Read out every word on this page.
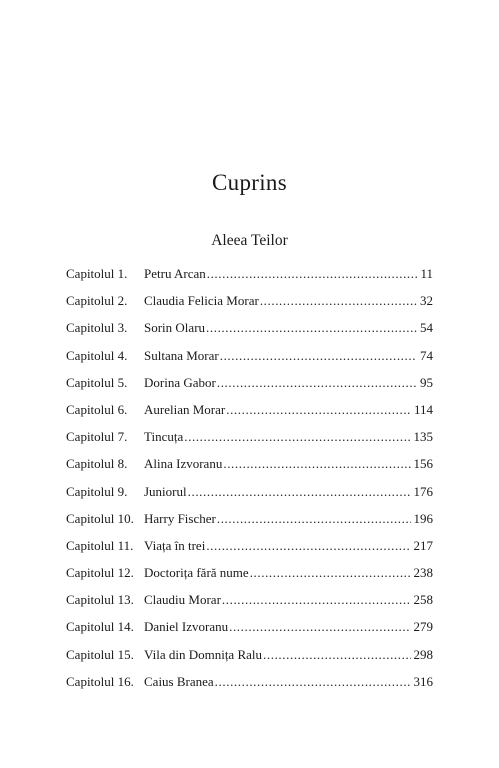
Cuprins
Aleea Teilor
Capitolul 1.	Petru Arcan .....	11
Capitolul 2.	Claudia Felicia Morar .....	32
Capitolul 3.	Sorin Olaru .....	54
Capitolul 4.	Sultana Morar .....	74
Capitolul 5.	Dorina Gabor .....	95
Capitolul 6.	Aurelian Morar .....	114
Capitolul 7.	Tincuța .....	135
Capitolul 8.	Alina Izvoranu .....	156
Capitolul 9.	Juniorul .....	176
Capitolul 10. Harry Fischer .....	196
Capitolul 11. Viața în trei .....	217
Capitolul 12. Doctorița fără nume .....	238
Capitolul 13. Claudiu Morar .....	258
Capitolul 14. Daniel Izvoranu .....	279
Capitolul 15. Vila din Domnița Ralu .....	298
Capitolul 16. Caius Branea .....	316
